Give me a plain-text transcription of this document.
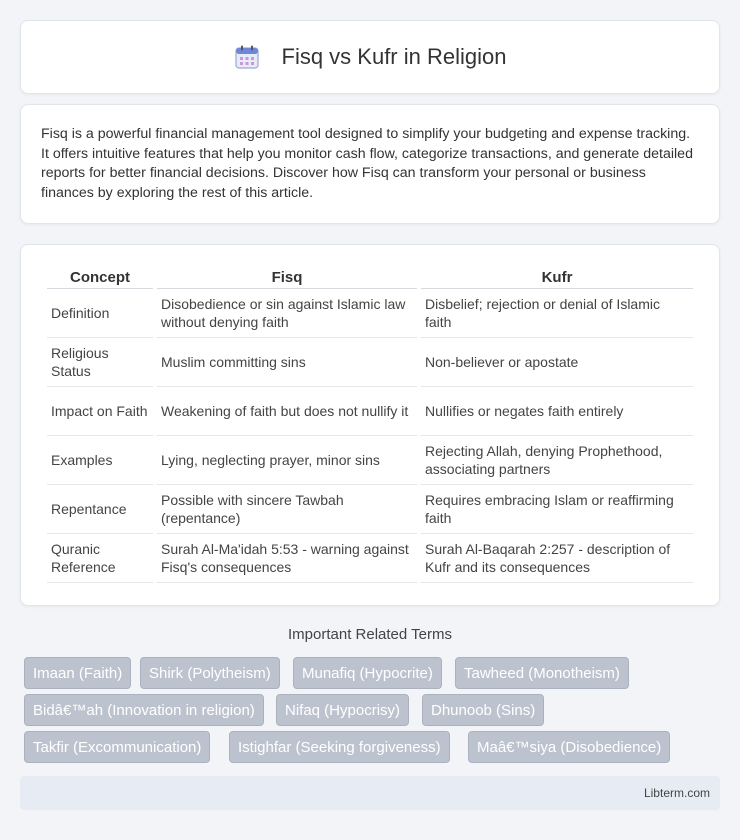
Fisq vs Kufr in Religion

Fisq is a powerful financial management tool designed to simplify your budgeting and expense tracking. It offers intuitive features that help you monitor cash flow, categorize transactions, and generate detailed reports for better financial decisions. Discover how Fisq can transform your personal or business finances by exploring the rest of this article.

Concept	Fisq	Kufr
Definition	Disobedience or sin against Islamic law without denying faith	Disbelief; rejection or denial of Islamic faith
Religious Status	Muslim committing sins	Non-believer or apostate
Impact on Faith	Weakening of faith but does not nullify it	Nullifies or negates faith entirely
Examples	Lying, neglecting prayer, minor sins	Rejecting Allah, denying Prophethood, associating partners
Repentance	Possible with sincere Tawbah (repentance)	Requires embracing Islam or reaffirming faith
Quranic Reference	Surah Al-Ma'idah 5:53 - warning against Fisq's consequences	Surah Al-Baqarah 2:257 - description of Kufr and its consequences
Important Related Terms
Imaan (Faith)	Shirk (Polytheism)	Munafiq (Hypocrite)	Tawheed (Monotheism)
Bidâ€™ah (Innovation in religion)	Nifaq (Hypocrisy)	Dhunoob (Sins)
Takfir (Excommunication)	Istighfar (Seeking forgiveness)	Maâ€™siya (Disobedience)
Libterm.com
